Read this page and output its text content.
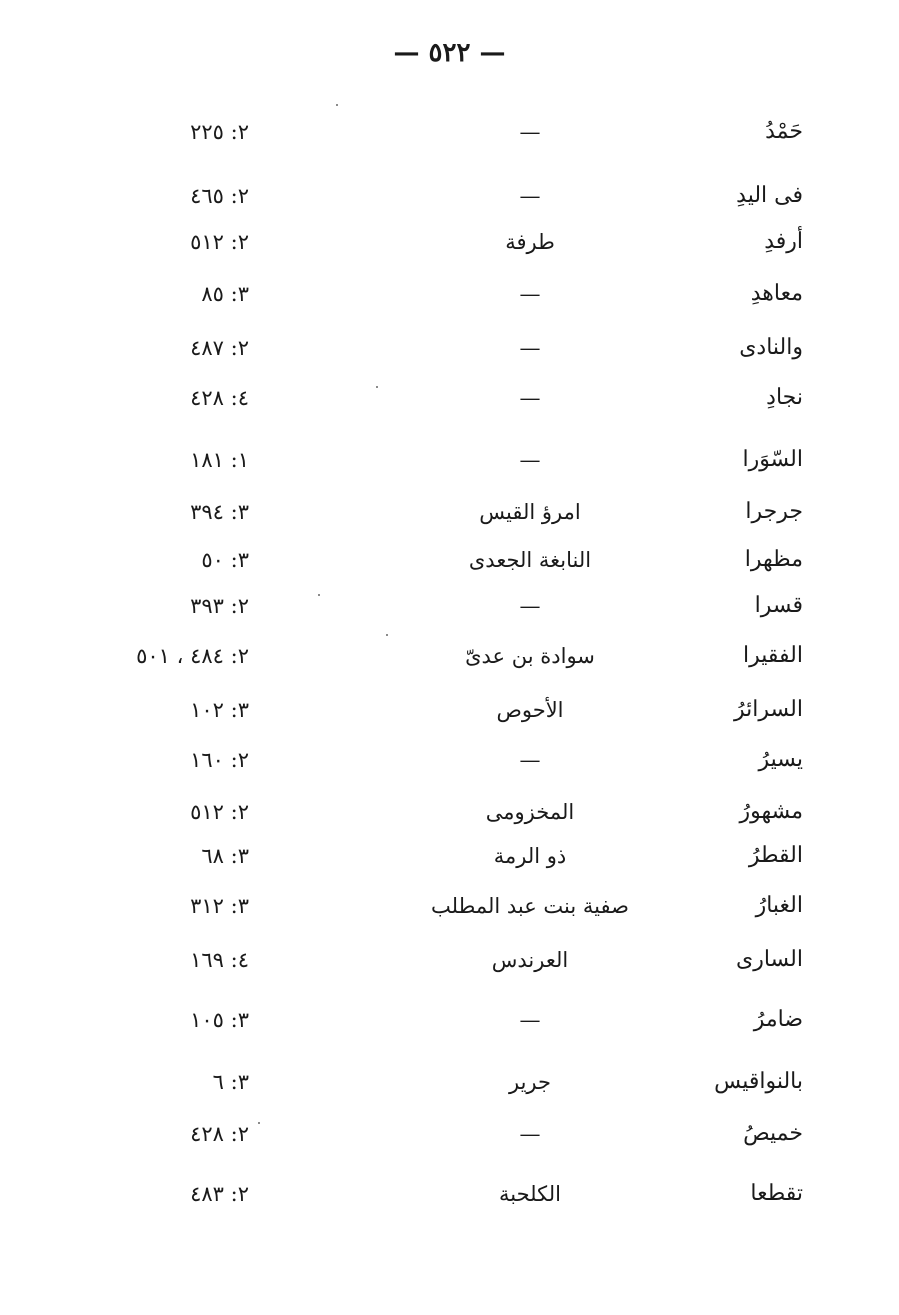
— ٥٢٢ —
حَمْدُ
—
٢: ٢٢٥
فى اليدِ
—
٢: ٤٦٥
أرفدِ
طرفة
٢: ٥١٢
معاهدِ
—
٣: ٨٥
والنادى
—
٢: ٤٨٧
نجادِ
—
٤: ٤٢٨
السّوَرا
—
١: ١٨١
جرجرا
امرؤ القيس
٣: ٣٩٤
مظهرا
النابغة الجعدى
٣: ٥٠
قسرا
—
٢: ٣٩٣
الفقيرا
سوادة بن عدىّ
٢: ٤٨٤ ، ٥٠١
السرائرُ
الأحوص
٣: ١٠٢
يسيرُ
—
٢: ١٦٠
مشهورُ
المخزومى
٢: ٥١٢
القطرُ
ذو الرمة
٣: ٦٨
الغبارُ
صفية بنت عبد المطلب
٣: ٣١٢
السارى
العرندس
٤: ١٦٩
ضامرُ
—
٣: ١٠٥
بالنواقيس
جرير
٣: ٦
خميصُ
—
٢: ٤٢٨
تقطعا
الكلحبة
٢: ٤٨٣
